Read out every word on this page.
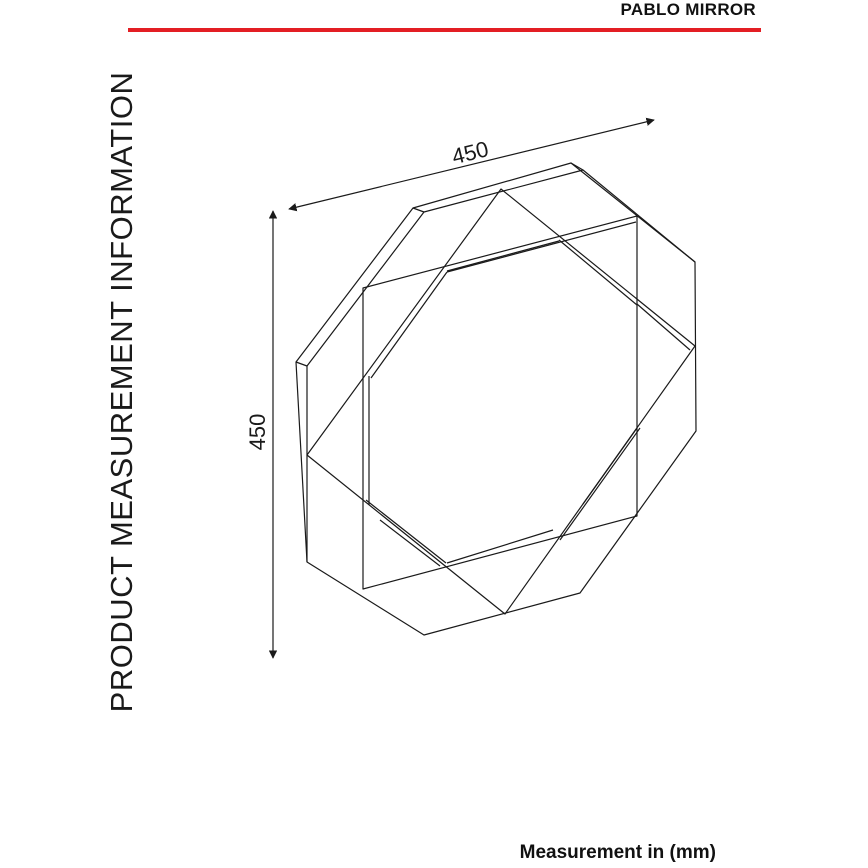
PABLO MIRROR
PRODUCT MEASUREMENT INFORMATION	450
450
Measurement in (mm)
